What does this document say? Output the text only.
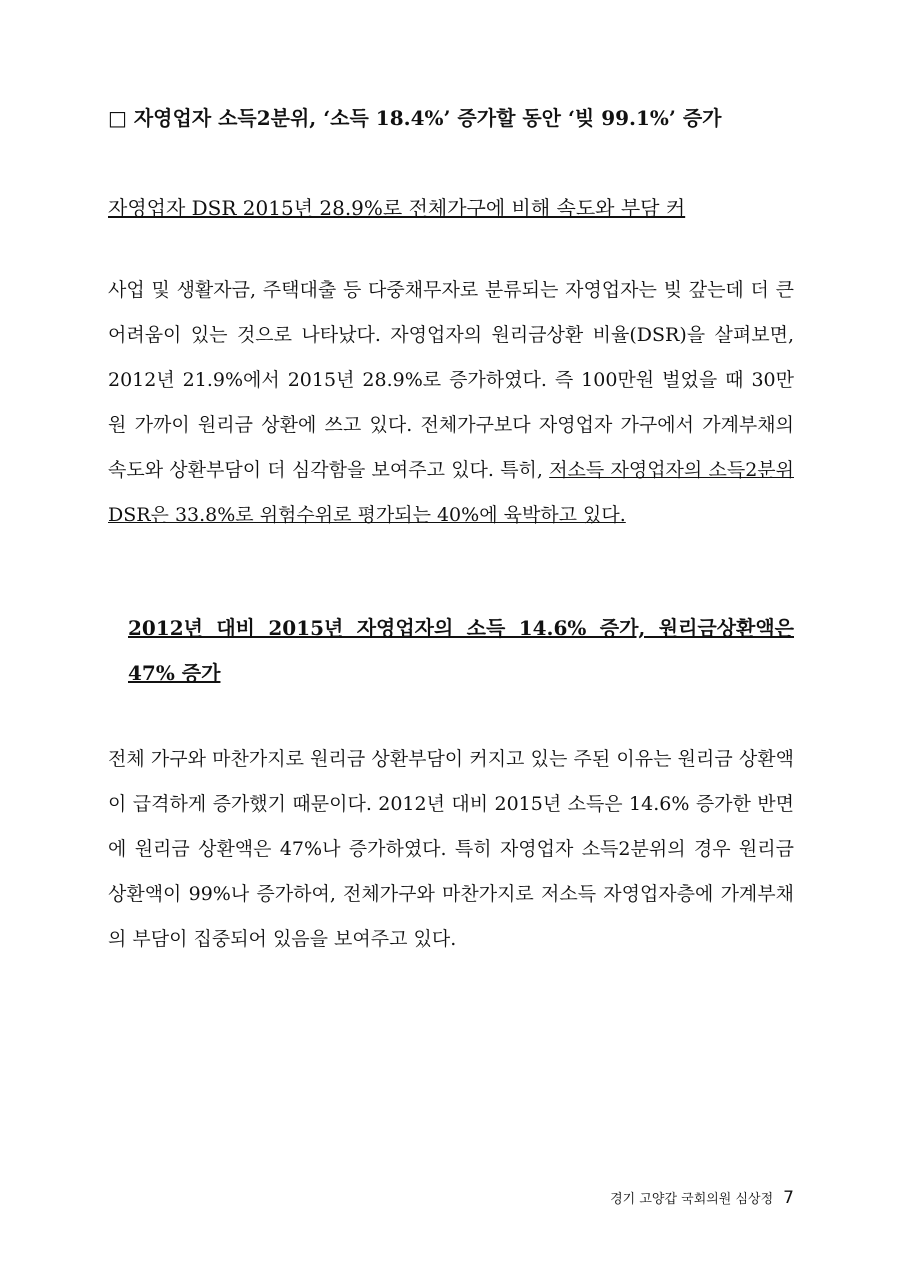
□ 자영업자 소득2분위, ‘소득 18.4%’ 증가할 동안 ‘빚 99.1%’ 증가
자영업자 DSR 2015년 28.9%로 전체가구에 비해 속도와 부담 커
사업 및 생활자금, 주택대출 등 다중채무자로 분류되는 자영업자는 빚 갚는데 더 큰 어려움이 있는 것으로 나타났다. 자영업자의 원리금상환 비율(DSR)을 살펴보면, 2012년 21.9%에서 2015년 28.9%로 증가하였다. 즉 100만원 벌었을 때 30만원 가까이 원리금 상환에 쓰고 있다. 전체가구보다 자영업자 가구에서 가계부채의 속도와 상환부담이 더 심각함을 보여주고 있다. 특히, 저소득 자영업자의 소득2분위 DSR은 33.8%로 위험수위로 평가되는 40%에 육박하고 있다.
2012년 대비 2015년 자영업자의 소득 14.6% 증가, 원리금상환액은 47% 증가
전체 가구와 마찬가지로 원리금 상환부담이 커지고 있는 주된 이유는 원리금 상환액이 급격하게 증가했기 때문이다. 2012년 대비 2015년 소득은 14.6% 증가한 반면에 원리금 상환액은 47%나 증가하였다. 특히 자영업자 소득2분위의 경우 원리금 상환액이 99%나 증가하여, 전체가구와 마찬가지로 저소득 자영업자층에 가계부채의 부담이 집중되어 있음을 보여주고 있다.
경기 고양갑 국회의원 심상정 7
